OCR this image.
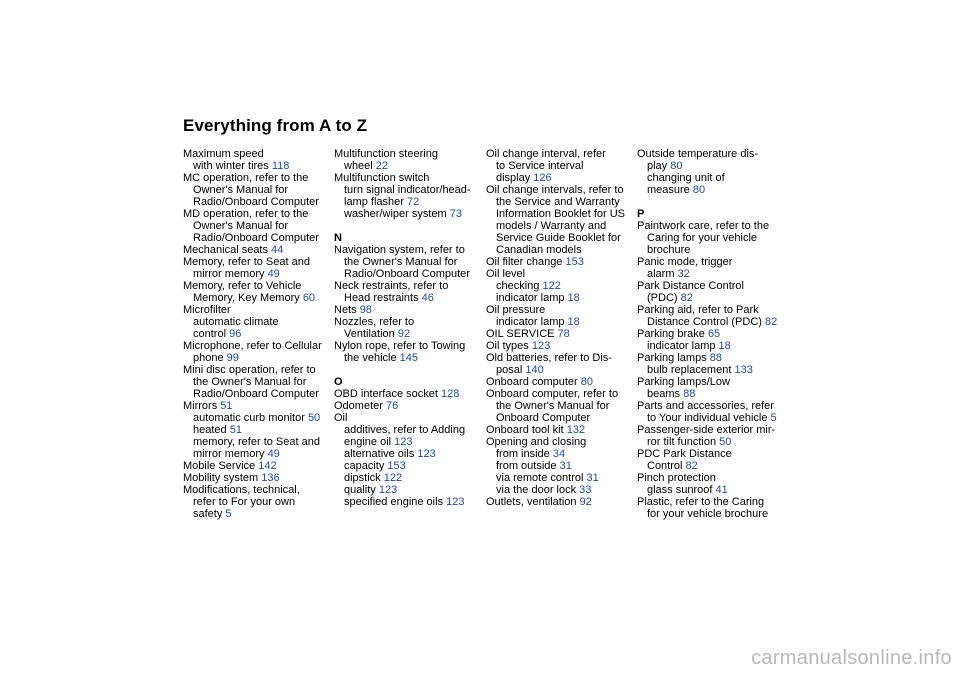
Everything from A to Z
Maximum speed
with winter tires 118
MC operation, refer to the
Owner's Manual for
Radio/Onboard Computer
MD operation, refer to the
Owner's Manual for
Radio/Onboard Computer
Mechanical seats 44
Memory, refer to Seat and
mirror memory 49
Memory, refer to Vehicle
Memory, Key Memory 60
Microfilter
automatic climate
control 96
Microphone, refer to Cellular
phone 99
Mini disc operation, refer to
the Owner's Manual for
Radio/Onboard Computer
Mirrors 51
automatic curb monitor 50
heated 51
memory, refer to Seat and
mirror memory 49
Mobile Service 142
Mobility system 136
Modifications, technical,
refer to For your own
safety 5
Multifunction steering
wheel 22
Multifunction switch
turn signal indicator/head-
lamp flasher 72
washer/wiper system 73
N
Navigation system, refer to
the Owner's Manual for
Radio/Onboard Computer
Neck restraints, refer to
Head restraints 46
Nets 98
Nozzles, refer to
Ventilation 92
Nylon rope, refer to Towing
the vehicle 145
O
OBD interface socket 128
Odometer 76
Oil
additives, refer to Adding
engine oil 123
alternative oils 123
capacity 153
dipstick 122
quality 123
specified engine oils 123
Oil change interval, refer
to Service interval
display 126
Oil change intervals, refer to
the Service and Warranty
Information Booklet for US
models / Warranty and
Service Guide Booklet for
Canadian models
Oil filter change 153
Oil level
checking 122
indicator lamp 18
Oil pressure
indicator lamp 18
OIL SERVICE 78
Oil types 123
Old batteries, refer to Dis-
posal 140
Onboard computer 80
Onboard computer, refer to
the Owner's Manual for
Onboard Computer
Onboard tool kit 132
Opening and closing
from inside 34
from outside 31
via remote control 31
via the door lock 33
Outlets, ventilation 92
Outside temperature dis-
play 80
changing unit of
measure 80
P
Paintwork care, refer to the
Caring for your vehicle
brochure
Panic mode, trigger
alarm 32
Park Distance Control
(PDC) 82
Parking aid, refer to Park
Distance Control (PDC) 82
Parking brake 65
indicator lamp 18
Parking lamps 88
bulb replacement 133
Parking lamps/Low
beams 88
Parts and accessories, refer
to Your individual vehicle 5
Passenger-side exterior mir-
ror tilt function 50
PDC Park Distance
Control 82
Pinch protection
glass sunroof 41
Plastic, refer to the Caring
for your vehicle brochure
carmanualsonline.info
